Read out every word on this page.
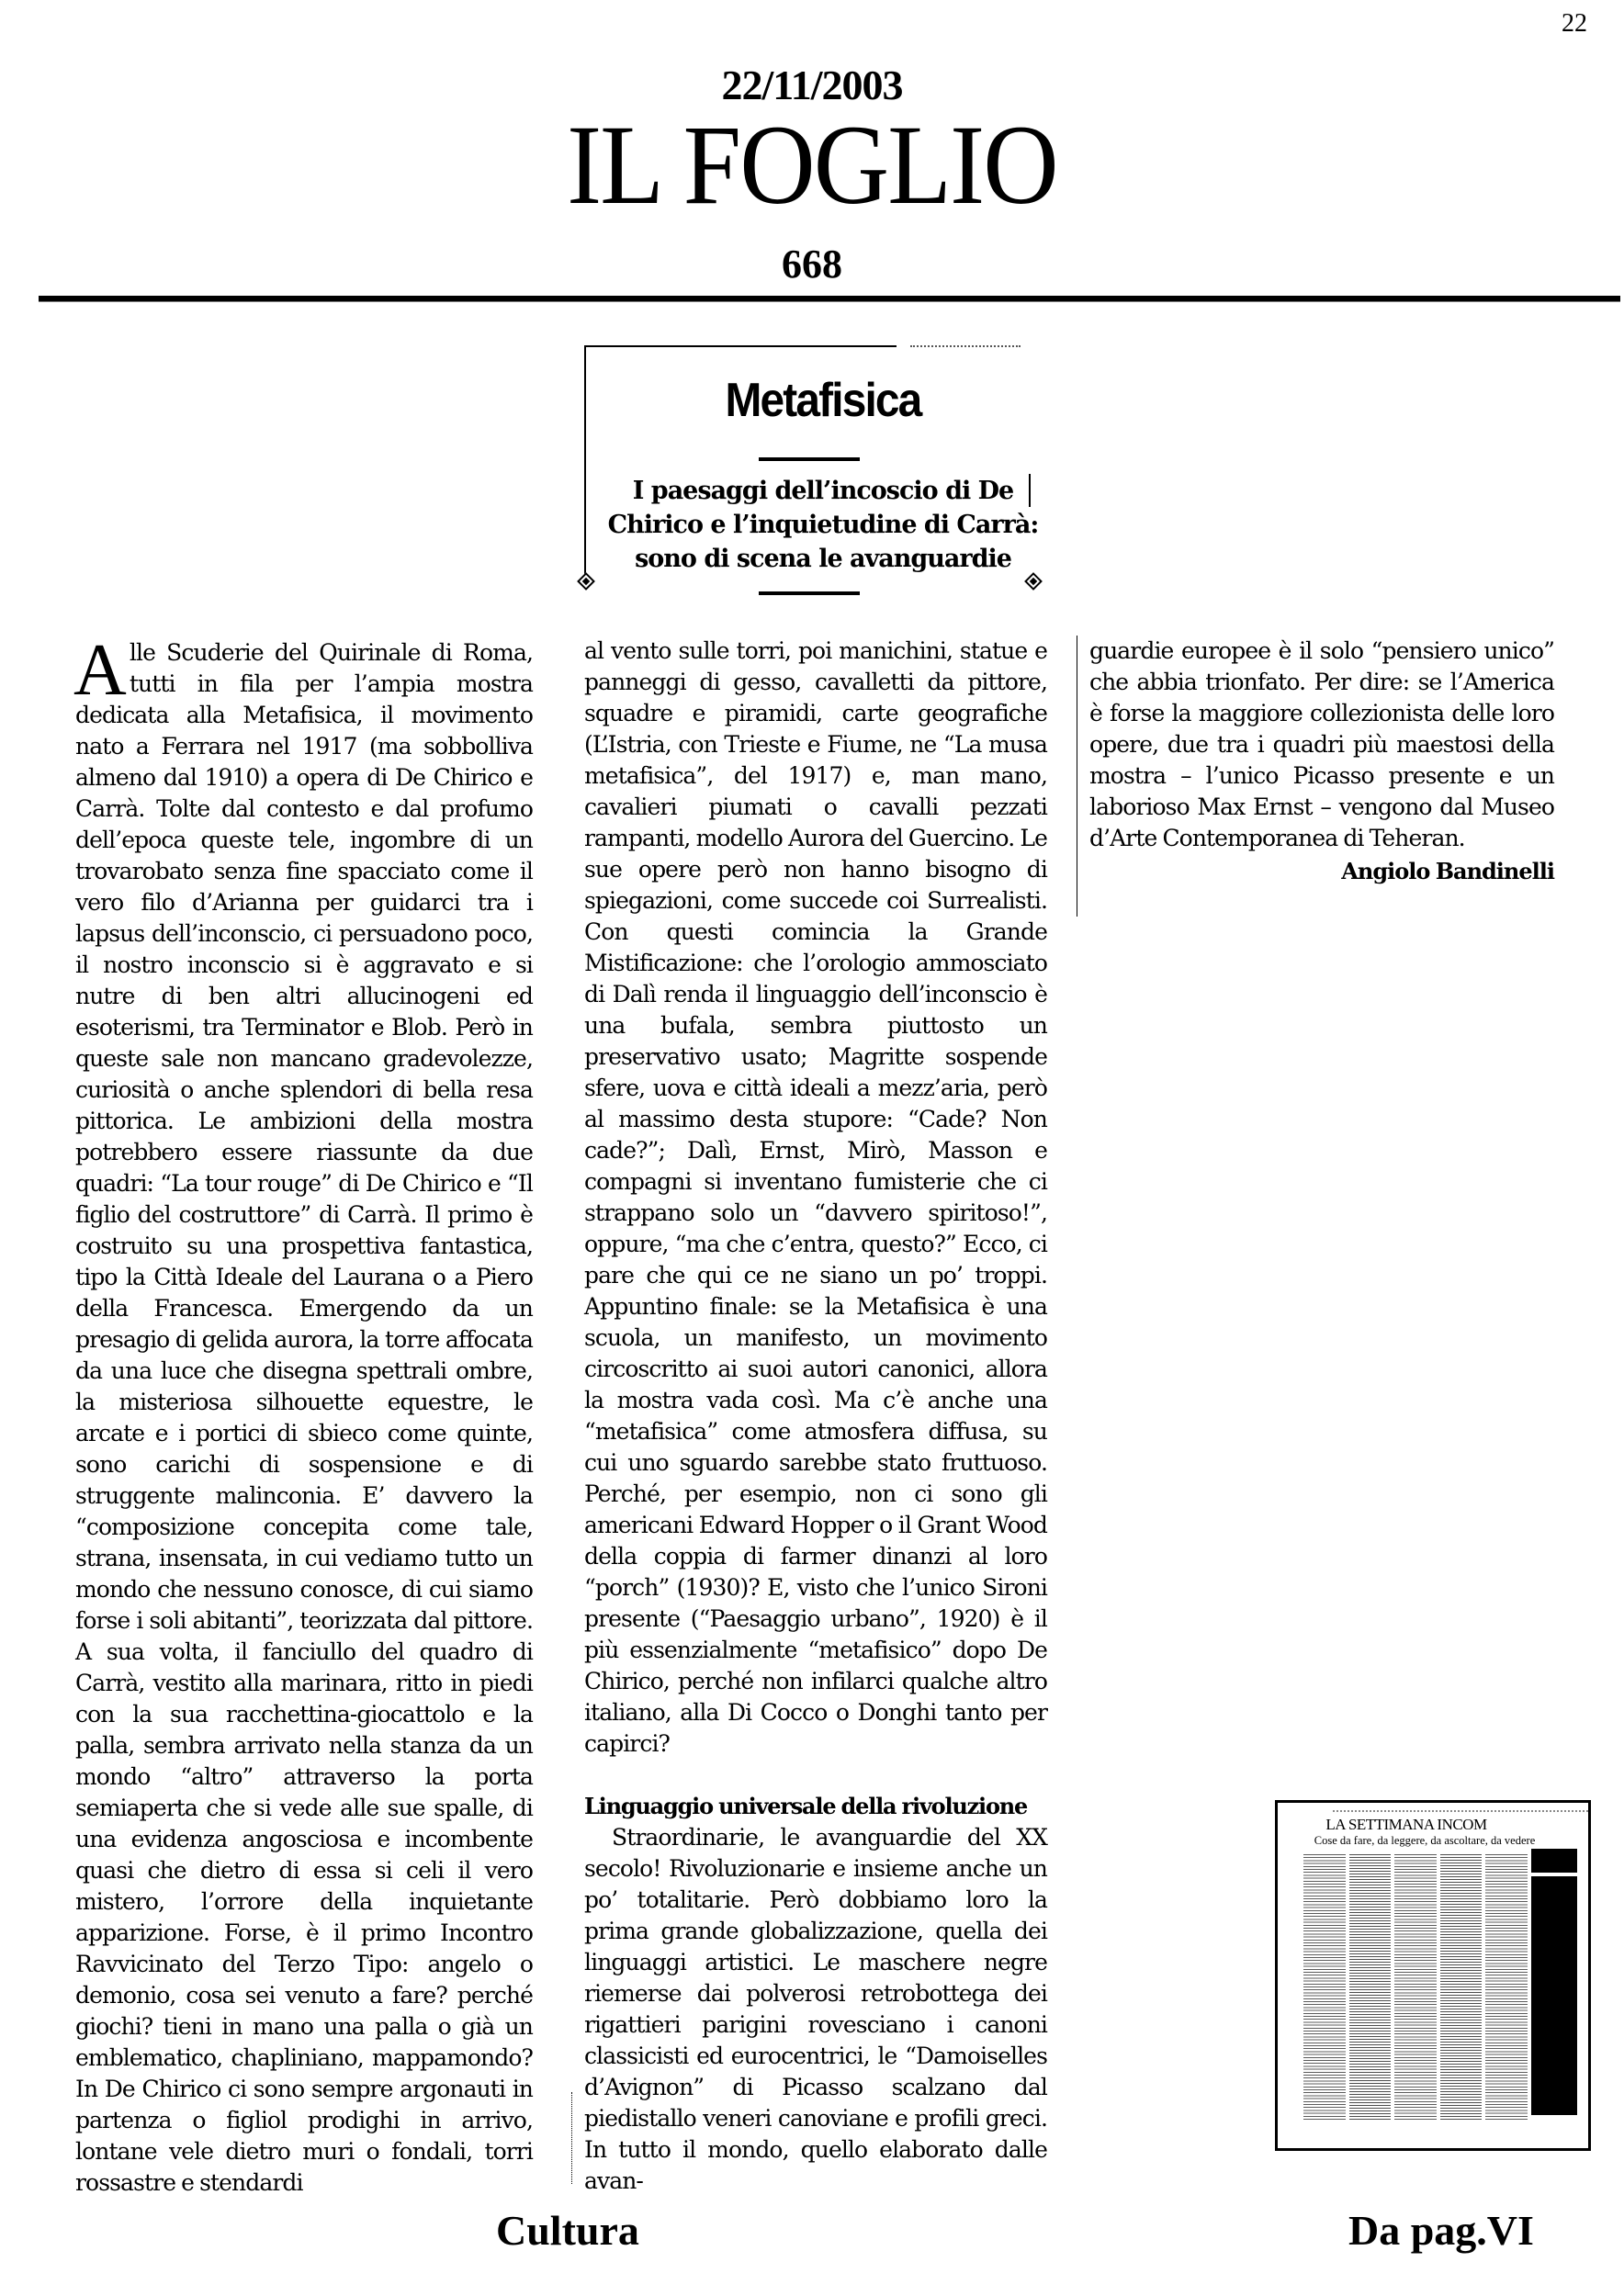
22
22/11/2003
IL FOGLIO
668
Metafisica
I paesaggi dell’incoscio di De
Chirico e l’inquietudine di Carrà:
sono di scena le avanguardie

Alle Scuderie del Quirinale di Roma, tutti in fila per l’ampia mostra dedicata alla Metafisica, il movimento nato a Ferrara nel 1917 (ma sobbolliva almeno dal 1910) a opera di De Chirico e Carrà. Tolte dal contesto e dal profumo dell’epoca queste tele, ingombre di un trovarobato senza fine spacciato come il vero filo d’Arianna per guidarci tra i lapsus dell’inconscio, ci persuadono poco, il nostro inconscio si è aggravato e si nutre di ben altri allucinogeni ed esoterismi, tra Terminator e Blob. Però in queste sale non mancano gradevolezze, curiosità o anche splendori di bella resa pittorica. Le ambizioni della mostra potrebbero essere riassunte da due quadri: “La tour rouge” di De Chirico e “Il figlio del costruttore” di Carrà. Il primo è costruito su una prospettiva fantastica, tipo la Città Ideale del Laurana o a Piero della Francesca. Emergendo da un presagio di gelida aurora, la torre affocata da una luce che disegna spettrali ombre, la misteriosa silhouette equestre, le arcate e i portici di sbieco come quinte, sono carichi di sospensione e di struggente malinconia. E’ davvero la “composizione concepita come tale, strana, insensata, in cui vediamo tutto un mondo che nessuno conosce, di cui siamo forse i soli abitanti”, teorizzata dal pittore. A sua volta, il fanciullo del quadro di Carrà, vestito alla marinara, ritto in piedi con la sua racchettina-giocattolo e la palla, sembra arrivato nella stanza da un mondo “altro” attraverso la porta semiaperta che si vede alle sue spalle, di una evidenza angosciosa e incombente quasi che dietro di essa si celi il vero mistero, l’orrore della inquietante apparizione. Forse, è il primo Incontro Ravvicinato del Terzo Tipo: angelo o demonio, cosa sei venuto a fare? perché giochi? tieni in mano una palla o già un emblematico, chapliniano, mappamondo? In De Chirico ci sono sempre argonauti in partenza o figliol prodighi in arrivo, lontane vele dietro muri o fondali, torri rossastre e stendardi

al vento sulle torri, poi manichini, statue e panneggi di gesso, cavalletti da pittore, squadre e piramidi, carte geografiche (L’Istria, con Trieste e Fiume, ne “La musa metafisica”, del 1917) e, man mano, cavalieri piumati o cavalli pezzati rampanti, modello Aurora del Guercino. Le sue opere però non hanno bisogno di spiegazioni, come succede coi Surrealisti. Con questi comincia la Grande Mistificazione: che l’orologio ammosciato di Dalì renda il linguaggio dell’inconscio è una bufala, sembra piuttosto un preservativo usato; Magritte sospende sfere, uova e città ideali a mezz’aria, però al massimo desta stupore: “Cade? Non cade?”; Dalì, Ernst, Mirò, Masson e compagni si inventano fumisterie che ci strappano solo un “davvero spiritoso!”, oppure, “ma che c’entra, questo?” Ecco, ci pare che qui ce ne siano un po’ troppi. Appuntino finale: se la Metafisica è una scuola, un manifesto, un movimento circoscritto ai suoi autori canonici, allora la mostra vada così. Ma c’è anche una “metafisica” come atmosfera diffusa, su cui uno sguardo sarebbe stato fruttuoso. Perché, per esempio, non ci sono gli americani Edward Hopper o il Grant Wood della coppia di farmer dinanzi al loro “porch” (1930)? E, visto che l’unico Sironi presente (“Paesaggio urbano”, 1920) è il più essenzialmente “metafisico” dopo De Chirico, perché non infilarci qualche altro italiano, alla Di Cocco o Donghi tanto per capirci?

Linguaggio universale della rivoluzione

Straordinarie, le avanguardie del XX secolo! Rivoluzionarie e insieme anche un po’ totalitarie. Però dobbiamo loro la prima grande globalizzazione, quella dei linguaggi artistici. Le maschere negre riemerse dai polverosi retrobottega dei rigattieri parigini rovesciano i canoni classicisti ed eurocentrici, le “Damoiselles d’Avignon” di Picasso scalzano dal piedistallo veneri canoviane e profili greci. In tutto il mondo, quello elaborato dalle avan-

guardie europee è il solo “pensiero unico” che abbia trionfato. Per dire: se l’America è forse la maggiore collezionista delle loro opere, due tra i quadri più maestosi della mostra – l’unico Picasso presente e un laborioso Max Ernst – vengono dal Museo d’Arte Contemporanea di Teheran.

Angiolo Bandinelli

LA SETTIMANA INCOM
Cose da fare, da leggere, da ascoltare, da vedere
Cultura	Da pag.VI
